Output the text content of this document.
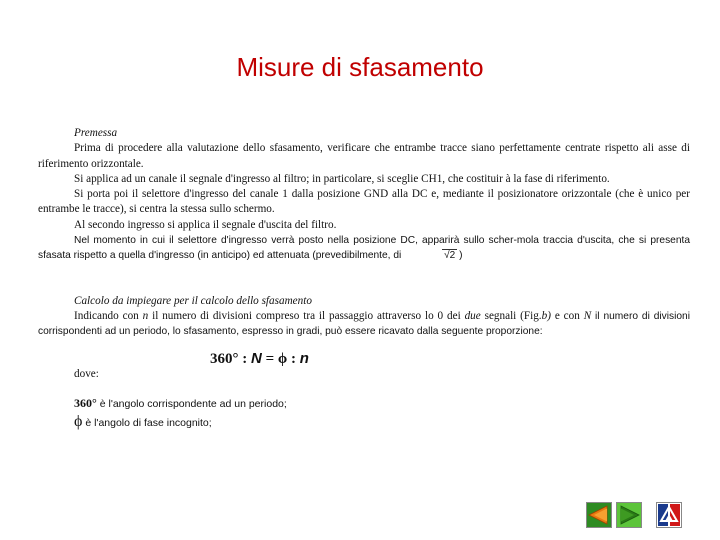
Misure di sfasamento

Premessa

Prima di procedere alla valutazione dello sfasamento, verificare che entrambe tracce siano perfettamente centrate rispetto ali asse di riferimento orizzontale.

Si applica ad un canale il segnale d'ingresso al filtro; in particolare, si sceglie CH1, che costituir à la fase di riferimento.

Si porta poi il selettore d'ingresso del canale 1 dalla posizione GND alla DC e, mediante il posizionatore orizzontale (che è unico per entrambe le tracce), si centra la stessa sullo schermo.

Al secondo ingresso si applica il segnale d'uscita del filtro.

Nel momento in cui il selettore d'ingresso verrà posto nella posizione DC, apparirà sullo scher-mola traccia d'uscita, che si presenta sfasata rispetto a quella d'ingresso (in anticipo) ed attenuata (prevedibilmente, di	√2 )

Calcolo da impiegare per il calcolo dello sfasamento

Indicando con n il numero di divisioni compreso tra il passaggio attraverso lo 0 dei due segnali (Fig.b) e con N il numero di divisioni corrispondenti ad un periodo, lo sfasamento, espresso in gradi, può essere ricavato dalla seguente proporzione:

360° : N = ϕ : n
dove:
360° è l'angolo corrispondente ad un periodo;
ϕ è l'angolo di fase incognito;
